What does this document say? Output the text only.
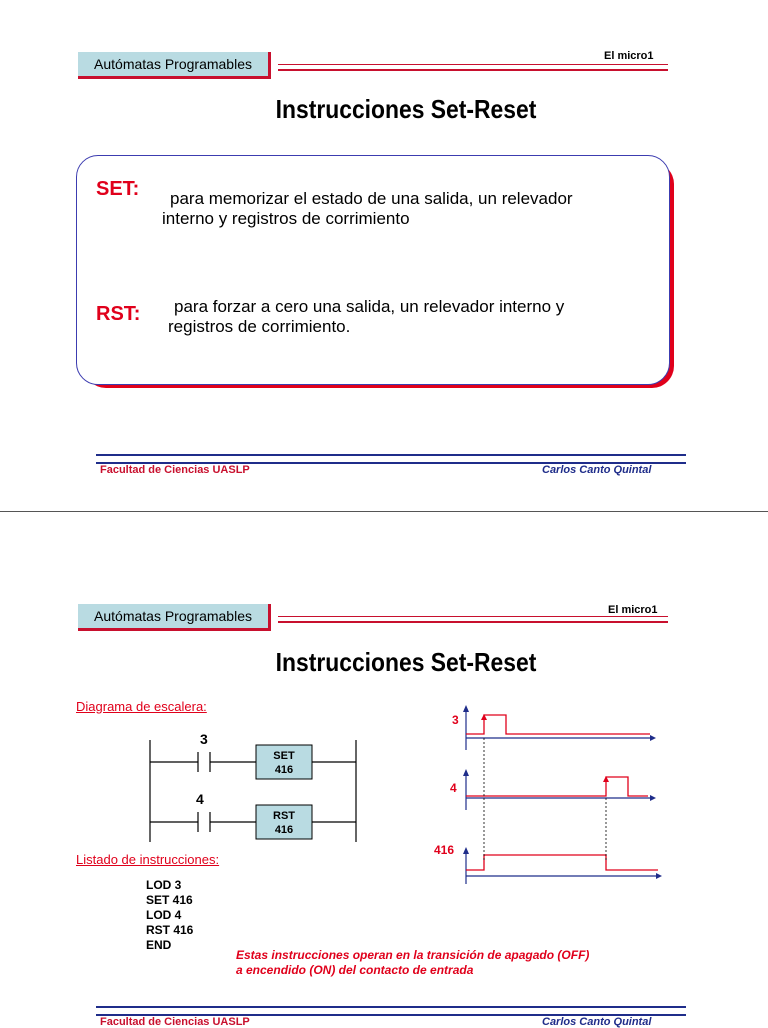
Autómatas Programables	El micro1
Instrucciones Set-Reset
SET: para memorizar el estado de una salida, un relevador
interno y registros de corrimiento
RST: para forzar a cero una salida, un relevador interno y
registros de corrimiento.
Facultad de Ciencias UASLP	Carlos Canto Quintal
Autómatas Programables	El micro1
Instrucciones Set-Reset
Diagrama de escalera:
3
4
SET
416
RST
416
3
4
416
Listado de instrucciones:
LOD 3
SET 416
LOD 4
RST 416
END
Estas instrucciones operan en la transición de apagado (OFF)
a encendido (ON) del contacto de entrada
Facultad de Ciencias UASLP	Carlos Canto Quintal
